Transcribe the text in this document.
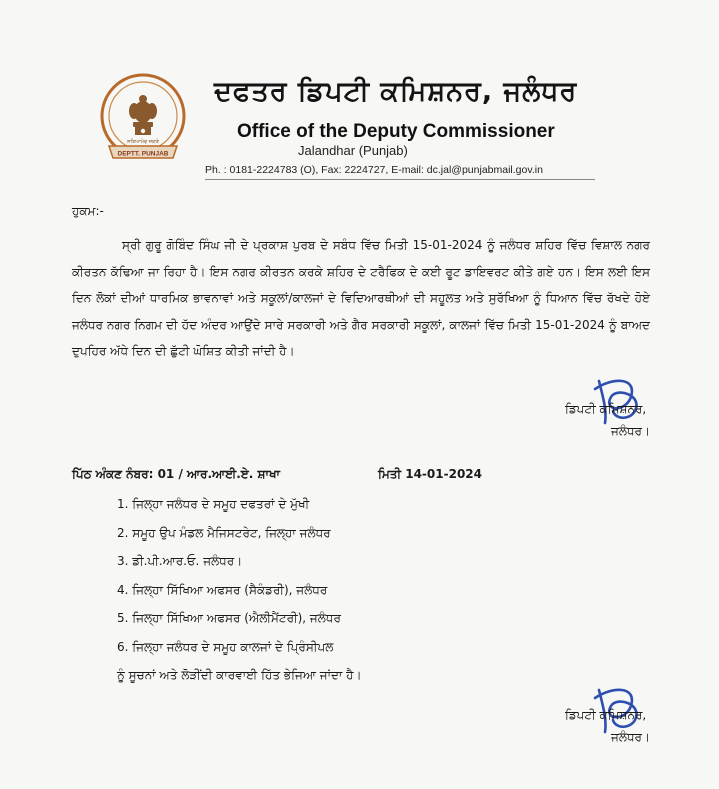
DEPTT. PUNJAB
ਸਤਿਆਮੇਵ ਜਯਤੇ
ਦਫਤਰ ਡਿਪਟੀ ਕਮਿਸ਼ਨਰ, ਜਲੰਧਰ
Office of the Deputy Commissioner
Jalandhar (Punjab)
Ph. : 0181-2224783 (O), Fax: 2224727, E-mail: dc.jal@punjabmail.gov.in
ਹੁਕਮ:-

ਸ੍ਰੀ ਗੁਰੂ ਗੋਬਿੰਦ ਸਿੰਘ ਜੀ ਦੇ ਪ੍ਰਕਾਸ਼ ਪੁਰਬ ਦੇ ਸਬੰਧ ਵਿੱਚ ਮਿਤੀ 15-01-2024 ਨੂੰ ਜਲੰਧਰ ਸ਼ਹਿਰ ਵਿੱਚ ਵਿਸ਼ਾਲ ਨਗਰ ਕੀਰਤਨ ਕੱਢਿਆ ਜਾ ਰਿਹਾ ਹੈ। ਇਸ ਨਗਰ ਕੀਰਤਨ ਕਰਕੇ ਸ਼ਹਿਰ ਦੇ ਟਰੈਫਿਕ ਦੇ ਕਈ ਰੂਟ ਡਾਇਵਰਟ ਕੀਤੇ ਗਏ ਹਨ। ਇਸ ਲਈ ਇਸ ਦਿਨ ਲੋਕਾਂ ਦੀਆਂ ਧਾਰਮਿਕ ਭਾਵਨਾਵਾਂ ਅਤੇ ਸਕੂਲਾਂ/ਕਾਲਜਾਂ ਦੇ ਵਿਦਿਆਰਥੀਆਂ ਦੀ ਸਹੂਲਤ ਅਤੇ ਸੁਰੱਖਿਆ ਨੂੰ ਧਿਆਨ ਵਿੱਚ ਰੱਖਦੇ ਹੋਏ ਜਲੰਧਰ ਨਗਰ ਨਿਗਮ ਦੀ ਹੱਦ ਅੰਦਰ ਆਉਂਦੇ ਸਾਰੇ ਸਰਕਾਰੀ ਅਤੇ ਗੈਰ ਸਰਕਾਰੀ ਸਕੂਲਾਂ, ਕਾਲਜਾਂ ਵਿੱਚ ਮਿਤੀ 15-01-2024 ਨੂੰ ਬਾਅਦ ਦੁਪਹਿਰ ਅੱਧੇ ਦਿਨ ਦੀ ਛੁੱਟੀ ਘੋਸ਼ਿਤ ਕੀਤੀ ਜਾਂਦੀ ਹੈ।

ਡਿਪਟੀ ਕਮਿਸ਼ਨਰ,
ਜਲੰਧਰ।
ਪਿੱਠ ਅੰਕਣ ਨੰਬਰ: 01 / ਆਰ.ਆਈ.ਏ. ਸ਼ਾਖਾ	ਮਿਤੀ 14-01-2024
1. ਜਿਲ੍ਹਾ ਜਲੰਧਰ ਦੇ ਸਮੂਹ ਦਫਤਰਾਂ ਦੇ ਮੁੱਖੀ
2. ਸਮੂਹ ਉਪ ਮੰਡਲ ਮੈਜਿਸਟਰੇਟ, ਜਿਲ੍ਹਾ ਜਲੰਧਰ
3. ਡੀ.ਪੀ.ਆਰ.ਓ. ਜਲੰਧਰ।
4. ਜਿਲ੍ਹਾ ਸਿੱਖਿਆ ਅਫਸਰ (ਸੈਕੰਡਰੀ), ਜਲੰਧਰ
5. ਜਿਲ੍ਹਾ ਸਿੱਖਿਆ ਅਫਸਰ (ਐਲੀਮੈਂਟਰੀ), ਜਲੰਧਰ
6. ਜਿਲ੍ਹਾ ਜਲੰਧਰ ਦੇ ਸਮੂਹ ਕਾਲਜਾਂ ਦੇ ਪ੍ਰਿੰਸੀਪਲ
ਨੂੰ ਸੂਚਨਾਂ ਅਤੇ ਲੋੜੀਂਦੀ ਕਾਰਵਾਈ ਹਿੱਤ ਭੇਜਿਆ ਜਾਂਦਾ ਹੈ।
ਡਿਪਟੀ ਕਮਿਸ਼ਨਰ,
ਜਲੰਧਰ।
